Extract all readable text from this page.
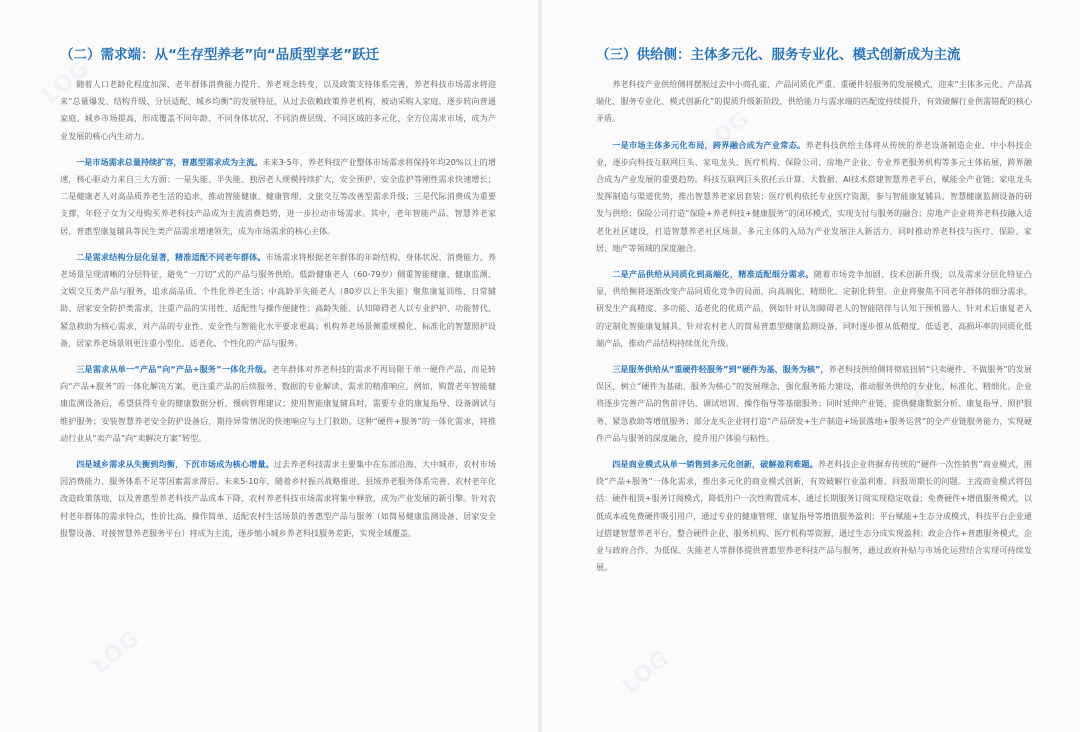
LOG
LOG
LOG
LOG
LOG
LOG
（二）需求端：从“生存型养老”向“品质型享老”跃迁

随着人口老龄化程度加深、老年群体消费能力提升、养老观念转变，以及政策支持体系完善，养老科技市场需求将迎来“总量爆发、结构升级、分层适配、城乡均衡”的发展特征，从过去依赖政策养老机构、被动采购入家庭，逐步转向普通家庭、城乡市场提高，形成覆盖不同年龄、不同身体状况、不同消费层级、不同区域的多元化、全方位需求市场，成为产业发展的核心内生动力。

一是市场需求总量持续扩容，普惠型需求成为主流。未来3-5年，养老科技产业整体市场需求将保持年均20%以上的增速，核心驱动力来自三大方面：一是失能、半失能、独居老人规模持续扩大，安全预护、安全监护等刚性需求快速增长；二是健康老人对高品质养老生活的追求，推动智能健康、健康管理、文旅交互等改善型需求升级；三是代际消费成为重要支撑，年轻子女为父母购买养老科技产品成为主流消费趋势，进一步拉动市场需求。其中，老年智能产品、智慧养老家居、普惠型康复辅具等民生类产品需求增速领先，成为市场需求的核心主体。

二是需求结构分层化显著，精准适配不同老年群体。市场需求将根据老年群体的年龄结构、身体状况、消费能力、养老场景呈现清晰的分层特征，避免“一刀切”式的产品与服务供给。低龄健康老人（60-79岁）侧重智能健康、健康监测、文娱交互类产品与服务，追求高品质、个性化养老生活；中高龄半失能老人（80岁以上半失能）聚焦康复训练、日常辅助、居家安全防护类需求，注重产品的实用性、适配性与操作便捷性；高龄失能、认知障碍老人以专业护护、功能替代、紧急救助为核心需求，对产品的专业性、安全性与智能化水平要求更高；机构养老场景侧重规模化、标准化的智慧照护设备，居家养老场景则更注重小型化、适老化、个性化的产品与服务。

三是需求从单一“产品”向“产品+服务”一体化升级。老年群体对养老科技的需求不再局限于单一硬件产品，而是转向“产品+服务”的一体化解决方案，更注重产品的后续服务、数据的专业解读、需求的精准响应。例如，购置老年智能健康监测设备后，希望获得专业的健康数据分析、慢病管理建议；使用智能康复辅具时，需要专业的康复指导、设备调试与维护服务；安装智慧养老安全防护设备后，期待异常情况的快速响应与上门救助。这种“硬件+服务”的一体化需求，将推动行业从“卖产品”向“卖解决方案”转型。

四是城乡需求从失衡到均衡，下沉市场成为核心增量。过去养老科技需求主要集中在东部沿海、大中城市，农村市场因消费能力、服务体系不足等因素需求滞后。未来5-10年，随着乡村振兴战略推进、县域养老服务体系完善、农村老年化改造政策落地，以及普惠型养老科技产品成本下降，农村养老科技市场需求将集中释放，成为产业发展的新引擎。针对农村老年群体的需求特点，性价比高、操作简单、适配农村生活场景的普惠型产品与服务（如简易健康监测设备、居家安全报警设备、对接智慧养老服务平台）将成为主流，逐步缩小城乡养老科技服务差距，实现全域覆盖。

（三）供给侧：主体多元化、服务专业化、模式创新成为主流

养老科技产业供给侧将摆脱过去中小商孔雀、产品同质化严重、重硬件轻服务的发展模式，迎来“主体多元化、产品高端化、服务专业化、模式创新化”的提质升级新阶段，供给能力与需求端的匹配度持续提升，有效破解行业供需错配的核心矛盾。

一是市场主体多元化布局，跨界融合成为产业常态。养老科技供给主体将从传统的养老设备制造企业、中小科技企业，逐步向科技互联网巨头、家电龙头、医疗机构、保险公司、房地产企业、专业养老服务机构等多元主体拓展，跨界融合成为产业发展的重要趋势。科技互联网巨头依托云计算、大数据、AI技术搭建智慧养老平台，赋能全产业链；家电龙头发挥制造与渠道优势，推出智慧养老家居套装；医疗机构依托专业医疗资源，参与智能康复辅具、智慧健康监测设备的研发与供给；保险公司打造“保险+养老科技+健康服务”的闭环模式，实现支付与服务的融合；房地产企业将养老科技融入适老化社区建设，打造智慧养老社区场景。多元主体的入局为产业发展注入新活力，同时推动养老科技与医疗、保险、家居、地产等领域的深度融合。

二是产品供给从同质化到高端化，精准适配细分需求。随着市场竞争加剧、技术创新升级，以及需求分层化特征凸显，供给侧将逐渐改变产品同质化竞争的局面，向高端化、精细化、定制化转型。企业将聚焦不同老年群体的细分需求，研发生产高精度、多功能、适老化的优质产品，例如针对认知障碍老人的智能陪伴与认知干预机器人、针对术后康复老人的定制化智能康复辅具、针对农村老人的简易普惠型健康监测设备，同时逐步推从低精度、低适老、高损坏率的同质化低端产品，推动产品结构持续优化升级。

三是服务供给从“重硬件轻服务”到“硬件为基、服务为核”，养老科技供给侧将彻底扭转“只卖硬件、不做服务”的发展误区，树立“硬件为基础、服务为核心”的发展理念，强化服务能力建设，推动服务供给的专业化、标准化、精细化。企业将逐步完善产品的售前评估、调试培训、操作指导等基础服务；同时延伸产业链，提供健康数据分析、康复指导、照护服务、紧急救助等增值服务；部分龙头企业将打造“产品研发+生产制造+场景落地+服务运营”的全产业链服务能力，实现硬件产品与服务的深度融合，提升用户体验与粘性。

四是商业模式从单一销售到多元化创新，破解盈利难题。养老科技企业将摒弃传统的“硬件一次性销售”商业模式，围绕“产品+服务”一体化需求，推出多元化的商业模式创新，有效破解行业盈利难、回报周期长的问题。主流商业模式将包括：硬件租赁+服务订阅模式，降低用户一次性购置成本，通过长期服务订阅实现稳定收益；免费硬件+增值服务模式，以低成本或免费硬件吸引用户，通过专业的健康管理、康复指导等增值服务盈利；平台赋能+生态分成模式，科技平台企业通过搭建智慧养老平台，整合硬件企业、服务机构、医疗机构等资源，通过生态分成实现盈利；政企合作+普惠服务模式，企业与政府合作，为低保、失能老人等群体提供普惠型养老科技产品与服务，通过政府补贴与市场化运营结合实现可持续发展。
